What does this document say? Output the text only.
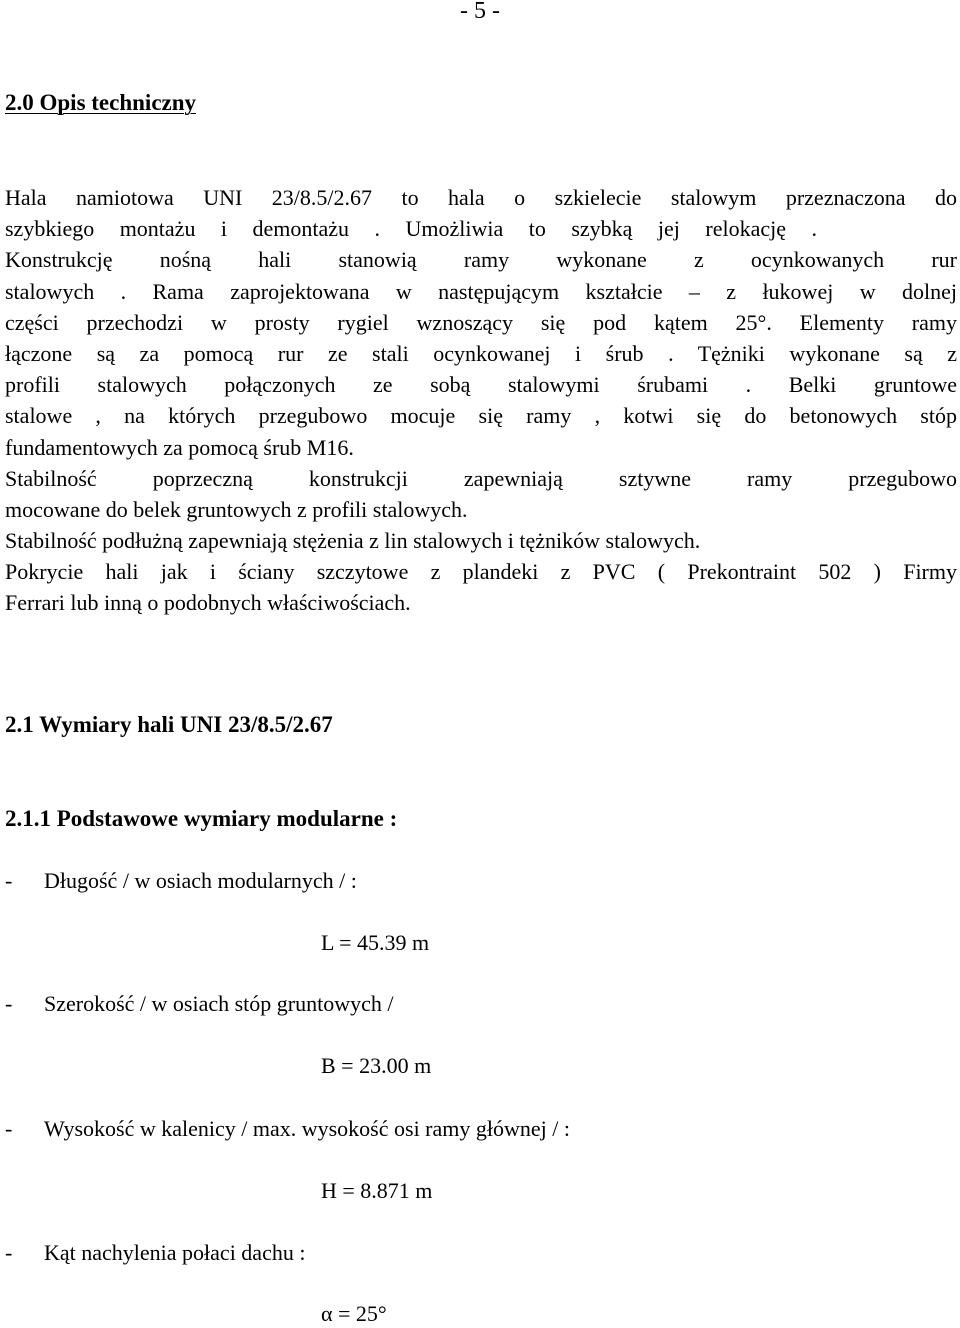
- 5 -
2.0 Opis techniczny
Hala namiotowa UNI 23/8.5/2.67 to hala o szkielecie stalowym przeznaczona do
szybkiego montażu i demontażu . Umożliwia to szybką jej relokację .
Konstrukcję nośną hali stanowią ramy wykonane z ocynkowanych rur
stalowych . Rama zaprojektowana w następującym kształcie – z łukowej w dolnej
części przechodzi w prosty rygiel wznoszący się pod kątem 25°. Elementy ramy
łączone są za pomocą rur ze stali ocynkowanej i śrub . Tężniki wykonane są z
profili stalowych połączonych ze sobą stalowymi śrubami . Belki gruntowe
stalowe , na których przegubowo mocuje się ramy , kotwi się do betonowych stóp
fundamentowych za pomocą śrub M16.
Stabilność poprzeczną konstrukcji zapewniają sztywne ramy przegubowo
mocowane do belek gruntowych z profili stalowych.
Stabilność podłużną zapewniają stężenia z lin stalowych i tężników stalowych.
Pokrycie hali jak i ściany szczytowe z plandeki z PVC ( Prekontraint 502 ) Firmy
Ferrari lub inną o podobnych właściwościach.
2.1 Wymiary hali UNI 23/8.5/2.67
2.1.1 Podstawowe wymiary modularne :
- Długość / w osiach modularnych / :
L = 45.39 m
- Szerokość / w osiach stóp gruntowych /
B = 23.00 m
- Wysokość w kalenicy / max. wysokość osi ramy głównej / :
H = 8.871 m
- Kąt nachylenia połaci dachu :
α = 25°
